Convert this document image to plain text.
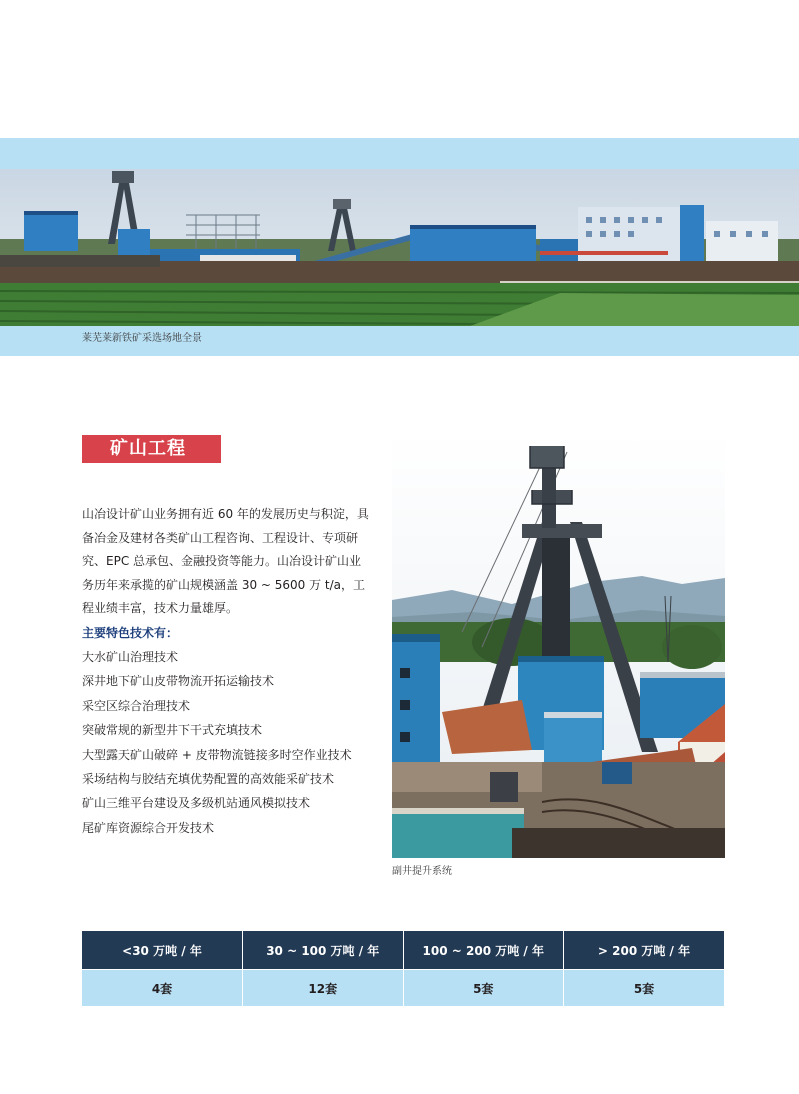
莱芜莱新铁矿采选场地全景
矿山工程

山冶设计矿山业务拥有近 60 年的发展历史与积淀，具备冶金及建材各类矿山工程咨询、工程设计、专项研究、EPC 总承包、金融投资等能力。山冶设计矿山业务历年来承揽的矿山规模涵盖 30 ~ 5600 万 t/a，工程业绩丰富，技术力量雄厚。

主要特色技术有：

大水矿山治理技术
深井地下矿山皮带物流开拓运输技术
采空区综合治理技术
突破常规的新型井下干式充填技术
大型露天矿山破碎 + 皮带物流链接多时空作业技术
采场结构与胶结充填优势配置的高效能采矿技术
矿山三维平台建设及多级机站通风模拟技术
尾矿库资源综合开发技术
副井提升系统
<30 万吨 / 年	30 ~ 100 万吨 / 年	100 ~ 200 万吨 / 年	> 200 万吨 / 年
4套	12套	5套	5套
